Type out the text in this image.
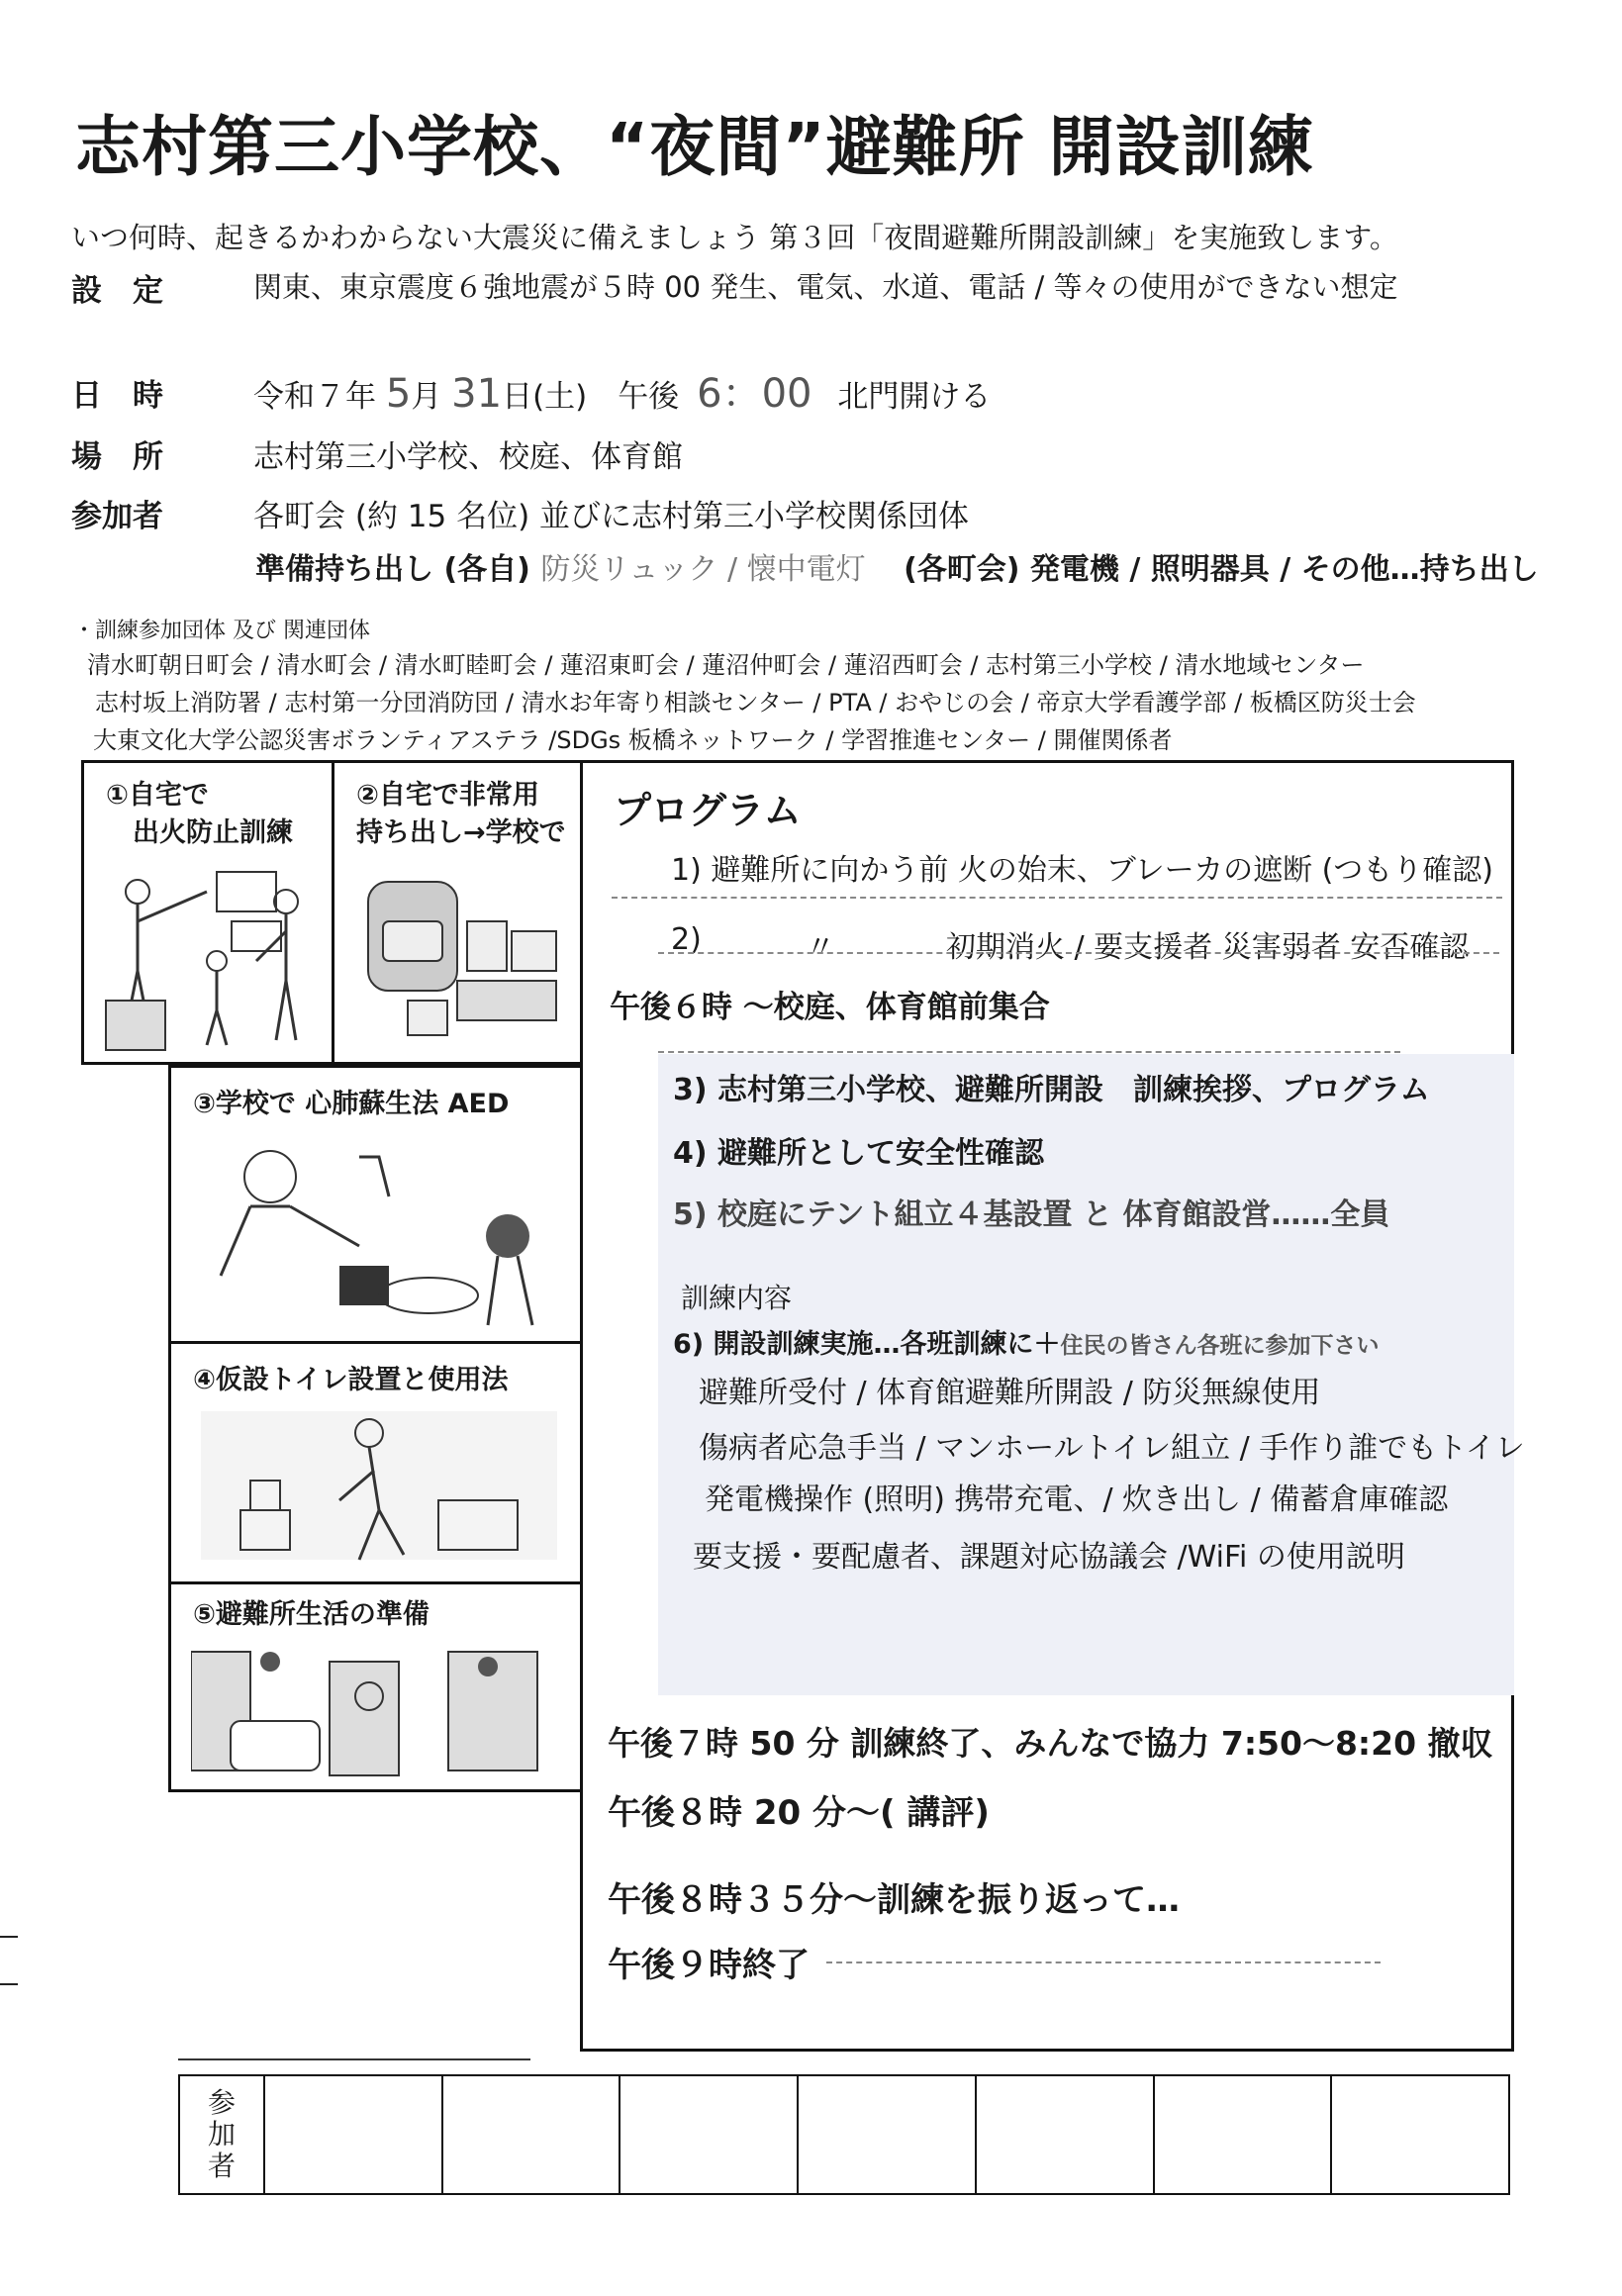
志村第三小学校、“夜間”避難所 開設訓練
いつ何時、起きるかわからない大震災に備えましょう 第３回「夜間避難所開設訓練」を実施致します。
設　定	関東、東京震度６強地震が５時 00 発生、電気、水道、電話 / 等々の使用ができない想定
日　時	令和７年 5月 31日(土)　午後 6：00 北門開ける
場　所	志村第三小学校、校庭、体育館
参加者	各町会 (約 15 名位) 並びに志村第三小学校関係団体
準備持ち出し (各自) 防災リュック / 懐中電灯 (各町会) 発電機 / 照明器具 / その他…持ち出し
・訓練参加団体 及び 関連団体
清水町朝日町会 / 清水町会 / 清水町睦町会 / 蓮沼東町会 / 蓮沼仲町会 / 蓮沼西町会 / 志村第三小学校 / 清水地域センター
志村坂上消防署 / 志村第一分団消防団 / 清水お年寄り相談センター / PTA / おやじの会 / 帝京大学看護学部 / 板橋区防災士会
大東文化大学公認災害ボランティアステラ /SDGs 板橋ネットワーク / 学習推進センター / 開催関係者
①自宅で
　出火防止訓練
②自宅で非常用
持ち出し→学校で
③学校で 心肺蘇生法 AED
④仮設トイレ設置と使用法
⑤避難所生活の準備
プログラム
1) 避難所に向かう前 火の始末、ブレーカの遮断 (つもり確認)
2)	〃	初期消火 / 要支援者 災害弱者 安否確認
午後６時 ～校庭、体育館前集合
3) 志村第三小学校、避難所開設　訓練挨拶、プログラム
4) 避難所として安全性確認
5) 校庭にテント組立４基設置 と 体育館設営……全員
訓練内容
6) 開設訓練実施…各班訓練に＋住民の皆さん各班に参加下さい
避難所受付 / 体育館避難所開設 / 防災無線使用
傷病者応急手当 / マンホールトイレ組立 / 手作り誰でもトイレ
発電機操作 (照明) 携帯充電、/ 炊き出し / 備蓄倉庫確認
要支援・要配慮者、課題対応協議会 /WiFi の使用説明
午後７時 50 分 訓練終了、みんなで協力 7:50～8:20 撤収
午後８時 20 分～( 講評)
午後８時３５分～訓練を振り返って…
午後９時終了
参
加
者
